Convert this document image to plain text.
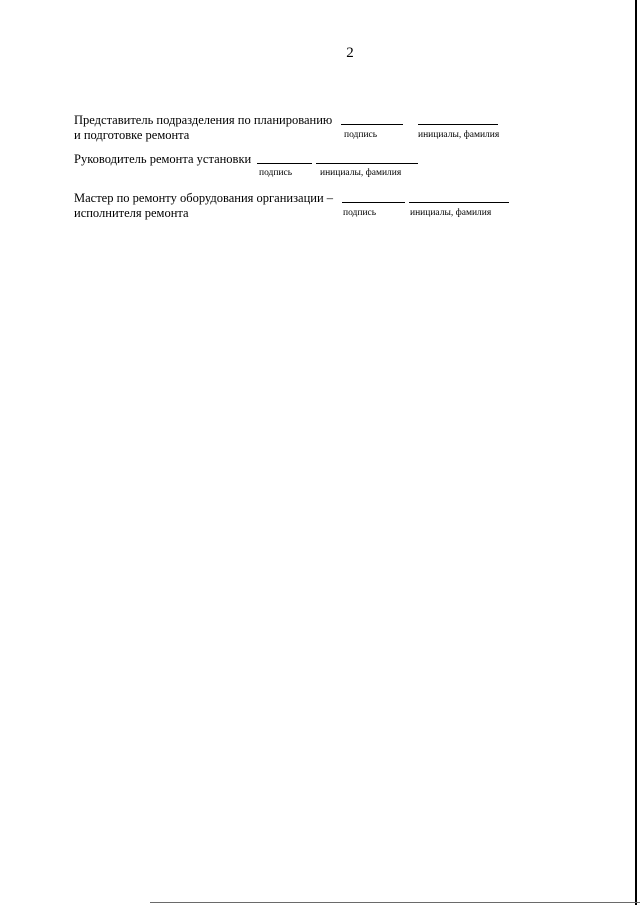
2
Представитель подразделения по планированию
и подготовке ремонта	подпись	инициалы, фамилия
Руководитель ремонта установки
подпись	инициалы, фамилия
Мастер по ремонту оборудования организации –
исполнителя ремонта	подпись	инициалы, фамилия
